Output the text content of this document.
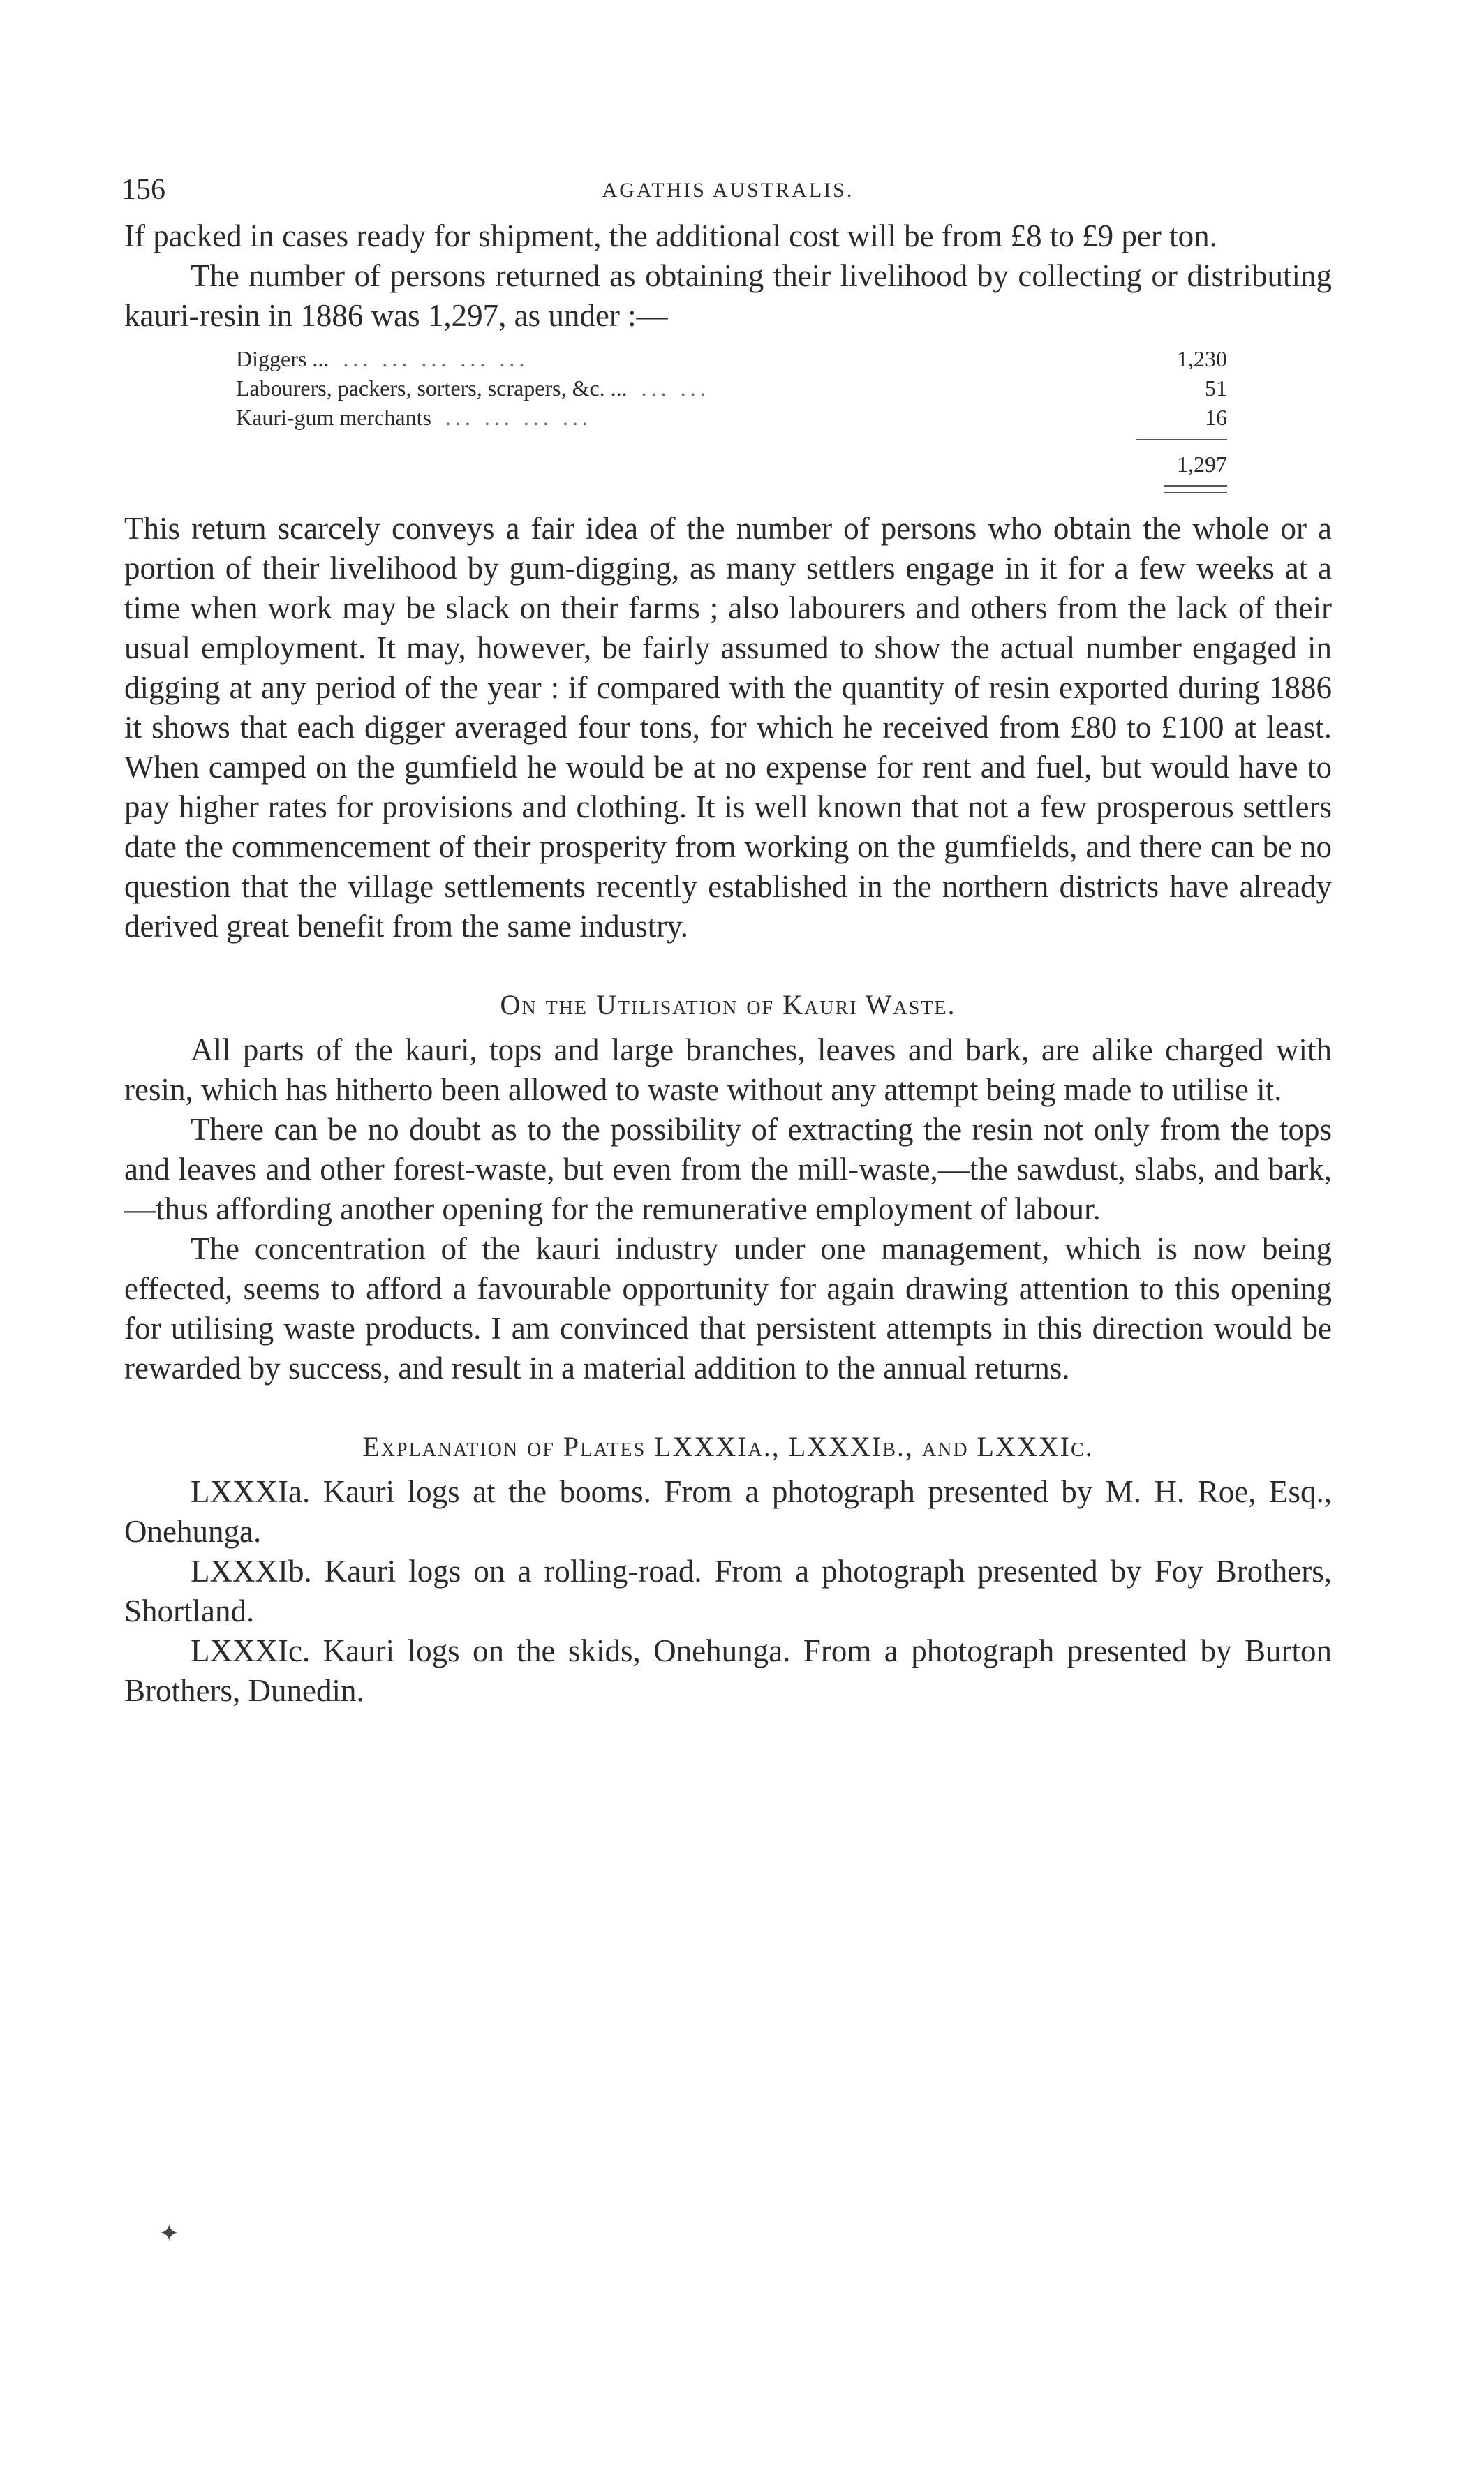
156	AGATHIS AUSTRALIS.

If packed in cases ready for shipment, the additional cost will be from £8 to £9 per ton.

The number of persons returned as obtaining their livelihood by collecting or distributing kauri-resin in 1886 was 1,297, as under :—

Diggers ... ... ... ... ... ...	1,230
Labourers, packers, sorters, scrapers, &c. ... ... ...	51
Kauri-gum merchants ... ... ... ...	16
1,297

This return scarcely conveys a fair idea of the number of persons who obtain the whole or a portion of their livelihood by gum-digging, as many settlers engage in it for a few weeks at a time when work may be slack on their farms ; also labourers and others from the lack of their usual employment. It may, however, be fairly assumed to show the actual number engaged in digging at any period of the year : if compared with the quantity of resin exported during 1886 it shows that each digger averaged four tons, for which he received from £80 to £100 at least. When camped on the gumfield he would be at no expense for rent and fuel, but would have to pay higher rates for provisions and clothing. It is well known that not a few prosperous settlers date the commencement of their prosperity from working on the gumfields, and there can be no question that the village settlements recently established in the northern districts have already derived great benefit from the same industry.

On the Utilisation of Kauri Waste.

All parts of the kauri, tops and large branches, leaves and bark, are alike charged with resin, which has hitherto been allowed to waste without any attempt being made to utilise it.

There can be no doubt as to the possibility of extracting the resin not only from the tops and leaves and other forest-waste, but even from the mill-waste,—the sawdust, slabs, and bark,—thus affording another opening for the remunerative employment of labour.

The concentration of the kauri industry under one management, which is now being effected, seems to afford a favourable opportunity for again drawing attention to this opening for utilising waste products. I am convinced that persistent attempts in this direction would be rewarded by success, and result in a material addition to the annual returns.

Explanation of Plates LXXXIa., LXXXIb., and LXXXIc.

LXXXIa. Kauri logs at the booms. From a photograph presented by M. H. Roe, Esq., Onehunga.

LXXXIb. Kauri logs on a rolling-road. From a photograph presented by Foy Brothers, Shortland.

LXXXIc. Kauri logs on the skids, Onehunga. From a photograph presented by Burton Brothers, Dunedin.

✦
